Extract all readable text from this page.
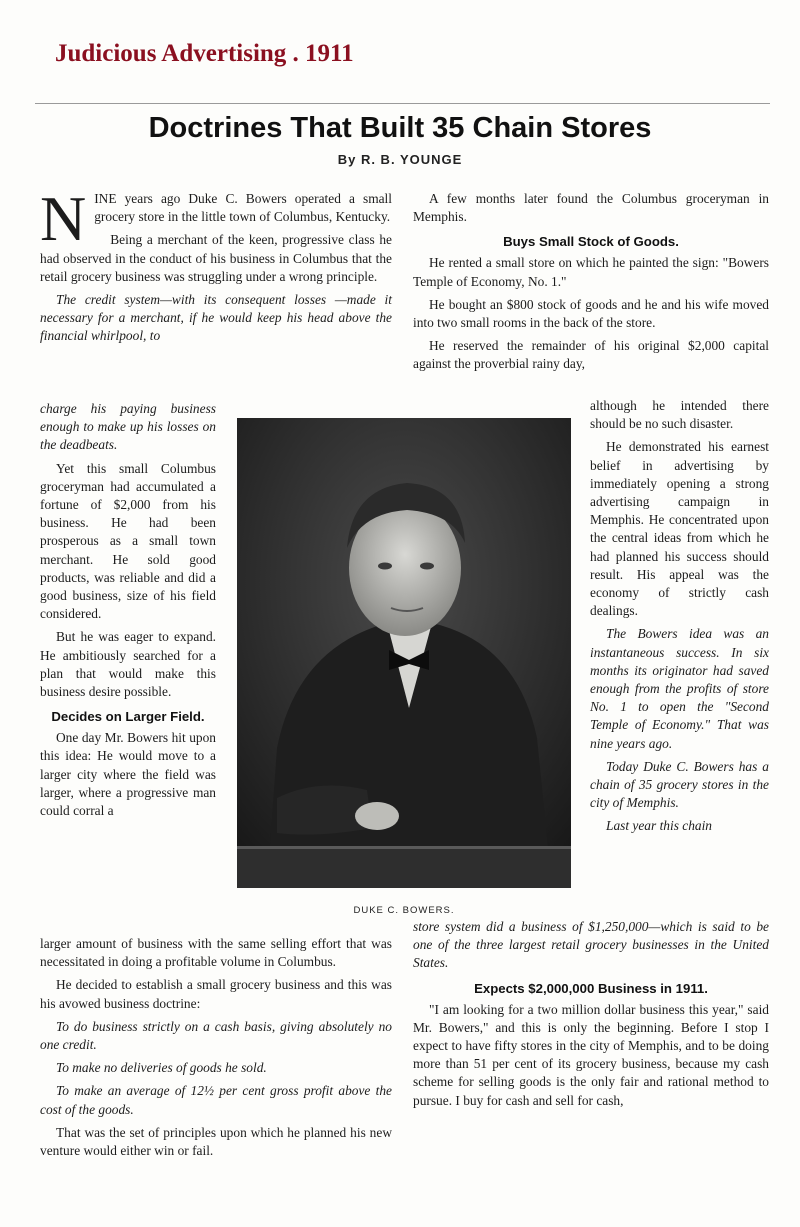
Judicious Advertising . 1911
Doctrines That Built 35 Chain Stores
By R. B. YOUNGE

NINE years ago Duke C. Bowers operated a small grocery store in the little town of Columbus, Kentucky.

Being a merchant of the keen, progressive class he had observed in the conduct of his business in Columbus that the retail grocery business was struggling under a wrong principle.

The credit system—with its consequent losses —made it necessary for a merchant, if he would keep his head above the financial whirlpool, to

charge his paying business enough to make up his losses on the deadbeats.

Yet this small Columbus groceryman had accumulated a fortune of $2,000 from his business. He had been prosperous as a small town merchant. He sold good products, was reliable and did a good business, size of his field considered.

But he was eager to expand. He ambitiously searched for a plan that would make this business desire possible.

Decides on Larger Field.

One day Mr. Bowers hit upon this idea: He would move to a larger city where the field was larger, where a progressive man could corral a

larger amount of business with the same selling effort that was necessitated in doing a profitable volume in Columbus.

He decided to establish a small grocery business and this was his avowed business doctrine:

To do business strictly on a cash basis, giving absolutely no one credit.

To make no deliveries of goods he sold.

To make an average of 12½ per cent gross profit above the cost of the goods.

That was the set of principles upon which he planned his new venture would either win or fail.

A few months later found the Columbus groceryman in Memphis.

Buys Small Stock of Goods.

He rented a small store on which he painted the sign: "Bowers Temple of Economy, No. 1."

He bought an $800 stock of goods and he and his wife moved into two small rooms in the back of the store.

He reserved the remainder of his original $2,000 capital against the proverbial rainy day,

although he intended there should be no such disaster.

He demonstrated his earnest belief in advertising by immediately opening a strong advertising campaign in Memphis. He concentrated upon the central ideas from which he had planned his success should result. His appeal was the economy of strictly cash dealings.

The Bowers idea was an instantaneous success. In six months its originator had saved enough from the profits of store No. 1 to open the "Second Temple of Economy." That was nine years ago.

Today Duke C. Bowers has a chain of 35 grocery stores in the city of Memphis.

Last year this chain

store system did a business of $1,250,000—which is said to be one of the three largest retail grocery businesses in the United States.

Expects $2,000,000 Business in 1911.

"I am looking for a two million dollar business this year," said Mr. Bowers," and this is only the beginning. Before I stop I expect to have fifty stores in the city of Memphis, and to be doing more than 51 per cent of its grocery business, because my cash scheme for selling goods is the only fair and rational method to pursue. I buy for cash and sell for cash,

DUKE C. BOWERS.
